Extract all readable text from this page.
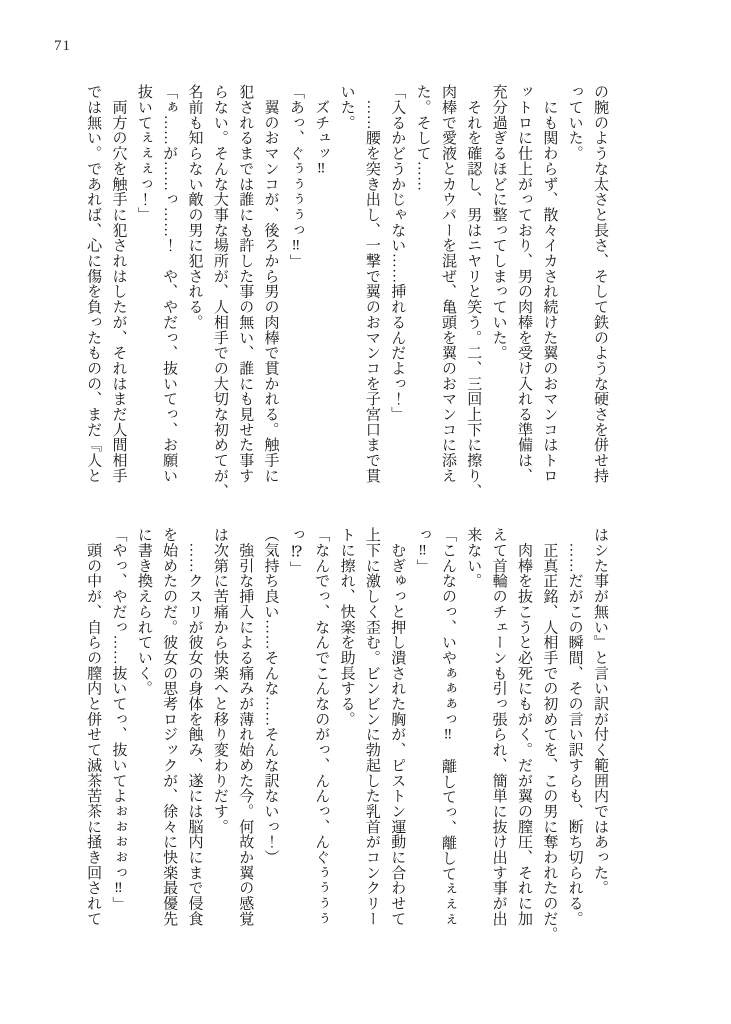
71

の腕のような太さと長さ、そして鉄のような硬さを併せ持

っていた。

　にも関わらず、散々イカされ続けた翼のおマンコはトロ

ットロに仕上がっており、男の肉棒を受け入れる準備は、

充分過ぎるほどに整ってしまっていた。

　それを確認し、男はニヤリと笑う。二、三回上下に擦り、

肉棒で愛液とカウパーを混ぜ、亀頭を翼のおマンコに添え

た。そして……

「入るかどうかじゃない……挿れるんだよっ！」

　……腰を突き出し、一撃で翼のおマンコを子宮口まで貫

いた。

　ズチュッ‼

「あっ、ぐぅぅぅぅっ‼」

　翼のおマンコが、後ろから男の肉棒で貫かれる。触手に

犯されるまでは誰にも許した事の無い、誰にも見せた事す

らない。そんな大事な場所が、人相手での大切な初めてが、

名前も知らない敵の男に犯される。

「ぁ……が……っ……！　や、やだっ、抜いてっ、お願い

抜いてぇぇぇっ！」

　両方の穴を触手に犯されはしたが、それはまだ人間相手

では無い。であれば、心に傷を負ったものの、まだ『人と

はシた事が無い』と言い訳が付く範囲内ではあった。

　……だがこの瞬間、その言い訳すらも、断ち切られる。

　正真正銘、人相手での初めてを、この男に奪われたのだ。

　肉棒を抜こうと必死にもがく。だが翼の膣圧、それに加

えて首輪のチェーンも引っ張られ、簡単に抜け出す事が出

来ない。

「こんなのっ、いやぁぁぁっ‼　離してっ、離してぇぇぇ

っ‼」

　むぎゅっと押し潰された胸が、ピストン運動に合わせて

上下に激しく歪む。ビンビンに勃起した乳首がコンクリー

トに擦れ、快楽を助長する。

「なんでっ、なんでこんなのがっ、んんっ、んぐぅぅぅぅ

っ⁉」

（気持ち良い……そんな……そんな訳ないっ！）

　強引な挿入による痛みが薄れ始めた今。何故か翼の感覚

は次第に苦痛から快楽へと移り変わりだす。

　……クスリが彼女の身体を蝕み、遂には脳内にまで侵食

を始めたのだ。彼女の思考ロジックが、徐々に快楽最優先

に書き換えられていく。

「やっ、やだっ……抜いてっ、抜いてよぉぉぉぉっ‼」

　頭の中が、自らの膣内と併せて滅茶苦茶に掻き回されて
